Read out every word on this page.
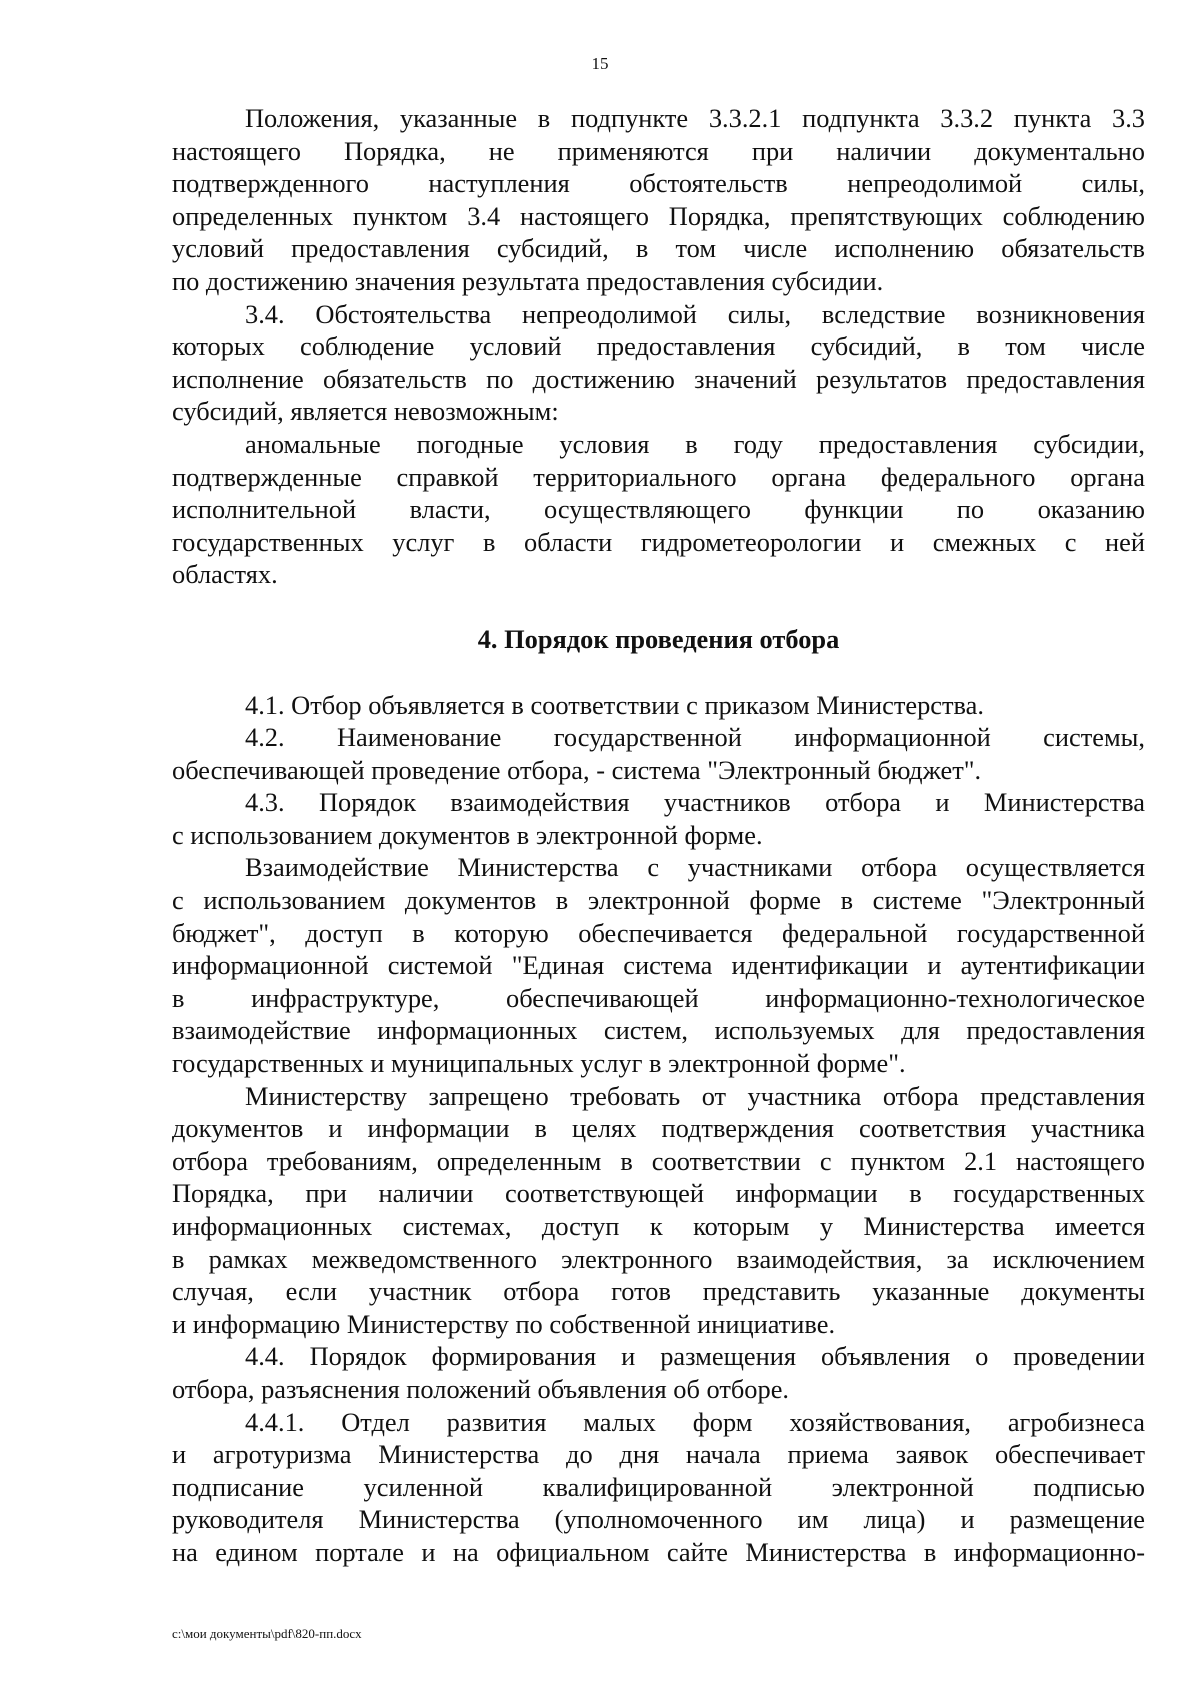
15
Положения, указанные в подпункте 3.3.2.1 подпункта 3.3.2 пункта 3.3
настоящего Порядка, не применяются при наличии документально
подтвержденного наступления обстоятельств непреодолимой силы,
определенных пунктом 3.4 настоящего Порядка, препятствующих соблюдению
условий предоставления субсидий, в том числе исполнению обязательств
по достижению значения результата предоставления субсидии.
3.4. Обстоятельства непреодолимой силы, вследствие возникновения
которых соблюдение условий предоставления субсидий, в том числе
исполнение обязательств по достижению значений результатов предоставления
субсидий, является невозможным:
аномальные погодные условия в году предоставления субсидии,
подтвержденные справкой территориального органа федерального органа
исполнительной власти, осуществляющего функции по оказанию
государственных услуг в области гидрометеорологии и смежных с ней
областях.
4. Порядок проведения отбора
4.1. Отбор объявляется в соответствии с приказом Министерства.
4.2. Наименование государственной информационной системы,
обеспечивающей проведение отбора, - система "Электронный бюджет".
4.3. Порядок взаимодействия участников отбора и Министерства
с использованием документов в электронной форме.
Взаимодействие Министерства с участниками отбора осуществляется
с использованием документов в электронной форме в системе "Электронный
бюджет", доступ в которую обеспечивается федеральной государственной
информационной системой "Единая система идентификации и аутентификации
в инфраструктуре, обеспечивающей информационно-технологическое
взаимодействие информационных систем, используемых для предоставления
государственных и муниципальных услуг в электронной форме".
Министерству запрещено требовать от участника отбора представления
документов и информации в целях подтверждения соответствия участника
отбора требованиям, определенным в соответствии с пунктом 2.1 настоящего
Порядка, при наличии соответствующей информации в государственных
информационных системах, доступ к которым у Министерства имеется
в рамках межведомственного электронного взаимодействия, за исключением
случая, если участник отбора готов представить указанные документы
и информацию Министерству по собственной инициативе.
4.4. Порядок формирования и размещения объявления о проведении
отбора, разъяснения положений объявления об отборе.
4.4.1. Отдел развития малых форм хозяйствования, агробизнеса
и агротуризма Министерства до дня начала приема заявок обеспечивает
подписание усиленной квалифицированной электронной подписью
руководителя Министерства (уполномоченного им лица) и размещение
на едином портале и на официальном сайте Министерства в информационно-
c:\мои документы\pdf\820-пп.docx
